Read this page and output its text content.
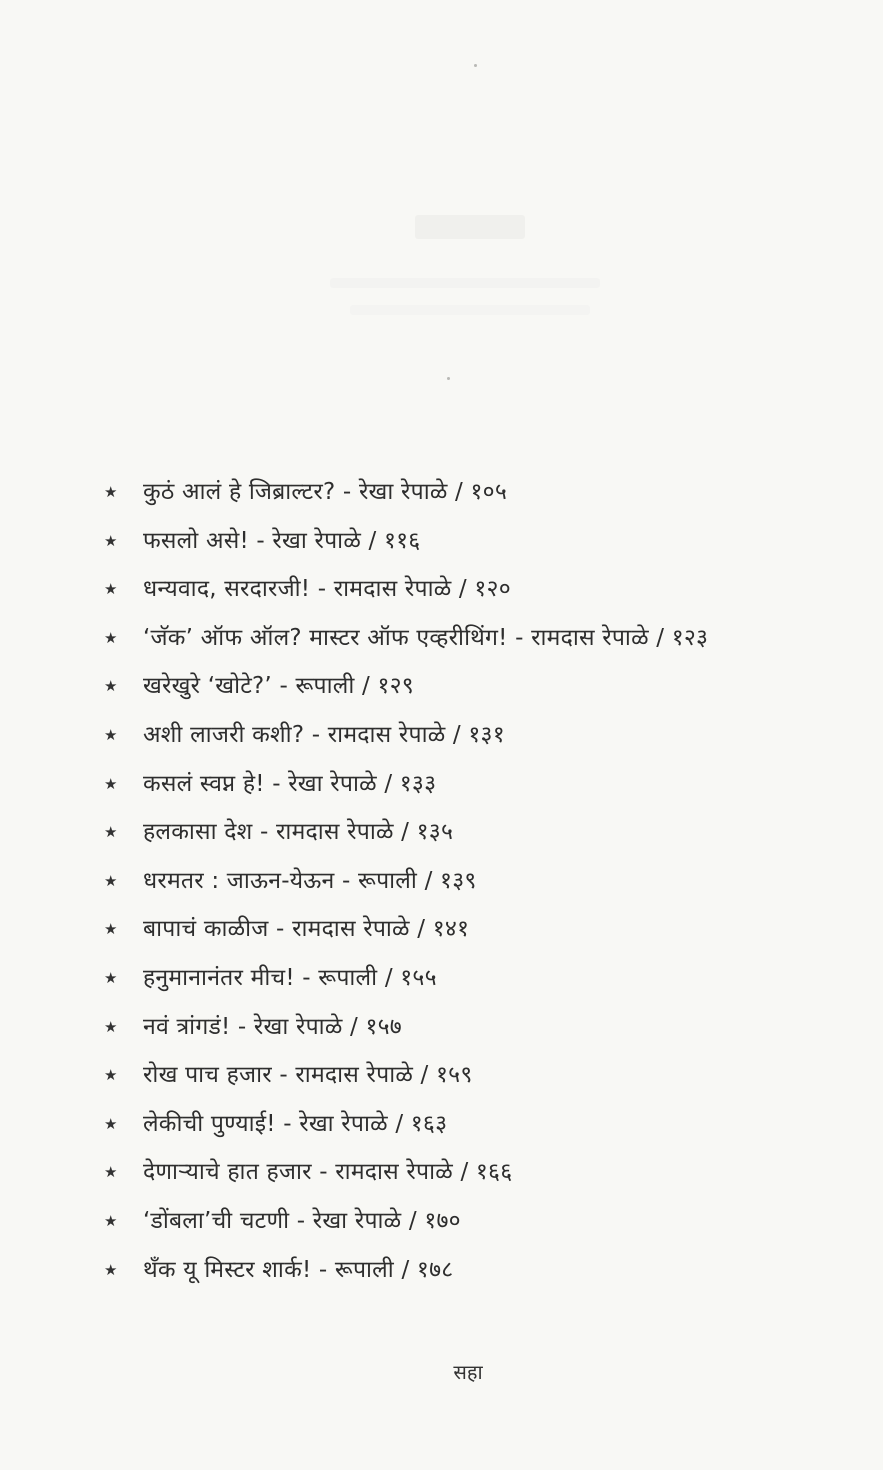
★ कुठं आलं हे जिब्राल्टर? - रेखा रेपाळे / १०५
★ फसलो असे! - रेखा रेपाळे / ११६
★ धन्यवाद, सरदारजी! - रामदास रेपाळे / १२०
★ ‘जॅक’ ऑफ ऑल? मास्टर ऑफ एव्हरीथिंग! - रामदास रेपाळे / १२३
★ खरेखुरे ‘खोटे?’ - रूपाली / १२९
★ अशी लाजरी कशी? - रामदास रेपाळे / १३१
★ कसलं स्वप्न हे! - रेखा रेपाळे / १३३
★ हलकासा देश - रामदास रेपाळे / १३५
★ धरमतर : जाऊन-येऊन - रूपाली / १३९
★ बापाचं काळीज - रामदास रेपाळे / १४१
★ हनुमानानंतर मीच! - रूपाली / १५५
★ नवं त्रांगडं! - रेखा रेपाळे / १५७
★ रोख पाच हजार - रामदास रेपाळे / १५९
★ लेकीची पुण्याई! - रेखा रेपाळे / १६३
★ देणाऱ्याचे हात हजार - रामदास रेपाळे / १६६
★ ‘डोंबला’ची चटणी - रेखा रेपाळे / १७०
★ थँक यू मिस्टर शार्क! - रूपाली / १७८
सहा
